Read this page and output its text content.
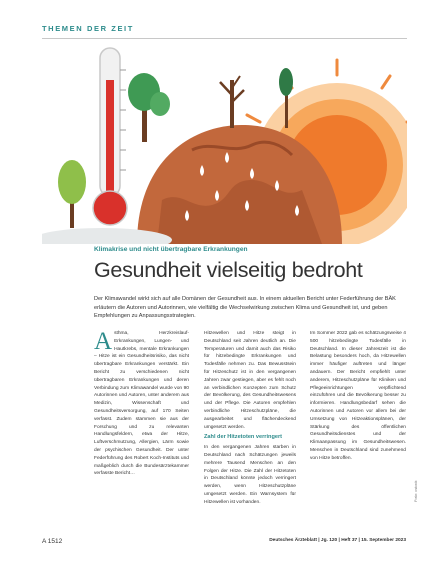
THEMEN DER ZEIT
Klimakrise und nicht übertragbare Erkrankungen
Gesundheit vielseitig bedroht
Der Klimawandel wirkt sich auf alle Domänen der Gesundheit aus. In einem aktuellen Bericht unter Federführung der BÄK erläutern die Autoren und Autorinnen, wie vielfältig die Wechselwirkung zwischen Klima und Gesundheit ist, und geben Empfehlungen zu Anpassungsstrategien.
Asthma, Herzkreislauf-Erkrankungen, Lungen- und Hautkrebs, mentale Erkrankungen – Hitze ist ein Gesundheitsrisiko, das nicht übertragbare Erkrankungen verstärkt. Ein Bericht zu verschiedenen nicht übertragbaren Erkrankungen und deren Verbindung zum Klimawandel wurde von 90 Autorinnen und Autoren, unter anderem aus Medizin, Wissenschaft und Gesundheitsversorgung, auf 170 Seiten verfasst. Zudem stammen sie aus der Forschung und zu relevanten Handlungsfeldern, etwa der Hitze, Luftverschmutzung, Allergien, Lärm sowie der psychischen Gesundheit. Der unter Federführung des Robert Koch-Instituts und maßgeblich durch die Bundesärztekammer verfasste Bericht…
Hitzewellen und Hitze steigt in Deutschland seit Jahren deutlich an. Die Temperaturen und damit auch das Risiko für hitzebedingte Erkrankungen und Todesfälle nehmen zu. Das Bewusstsein für Hitzeschutz ist in den vergangenen Jahren zwar gestiegen, aber es fehlt noch an verbindlichen Konzepten zum Schutz der Bevölkerung, des Gesundheitswesens und der Pflege. Die Autoren empfehlen verbindliche Hitzeschutzpläne, die ausgearbeitet und flächendeckend umgesetzt werden.
Zahl der Hitzetoten verringert
In den vergangenen Jahren starben in Deutschland nach Schätzungen jeweils mehrere Tausend Menschen an den Folgen der Hitze. Die Zahl der Hitzetoten in Deutschland könnte jedoch verringert werden, wenn Hitzeschutzpläne umgesetzt werden. Ein Warnsystem für Hitzewellen ist vorhanden.
Im Sommer 2022 gab es schätzungsweise 4 500 hitzebedingte Todesfälle in Deutschland. In dieser Jahreszeit ist die Belastung besonders hoch, da Hitzewellen immer häufiger auftreten und länger andauern. Der Bericht empfiehlt unter anderem, Hitzeschutzpläne für Kliniken und Pflegeeinrichtungen verpflichtend einzuführen und die Bevölkerung besser zu informieren. Handlungsbedarf sehen die Autorinnen und Autoren vor allem bei der Umsetzung von Hitzeaktionsplänen, der Stärkung des öffentlichen Gesundheitsdienstes und der Klimaanpassung im Gesundheitswesen. Menschen in Deutschland sind zunehmend von Hitze betroffen.
Foto: cstock
A 1512	Deutsches Ärzteblatt | Jg. 120 | Heft 37 | 15. September 2023
